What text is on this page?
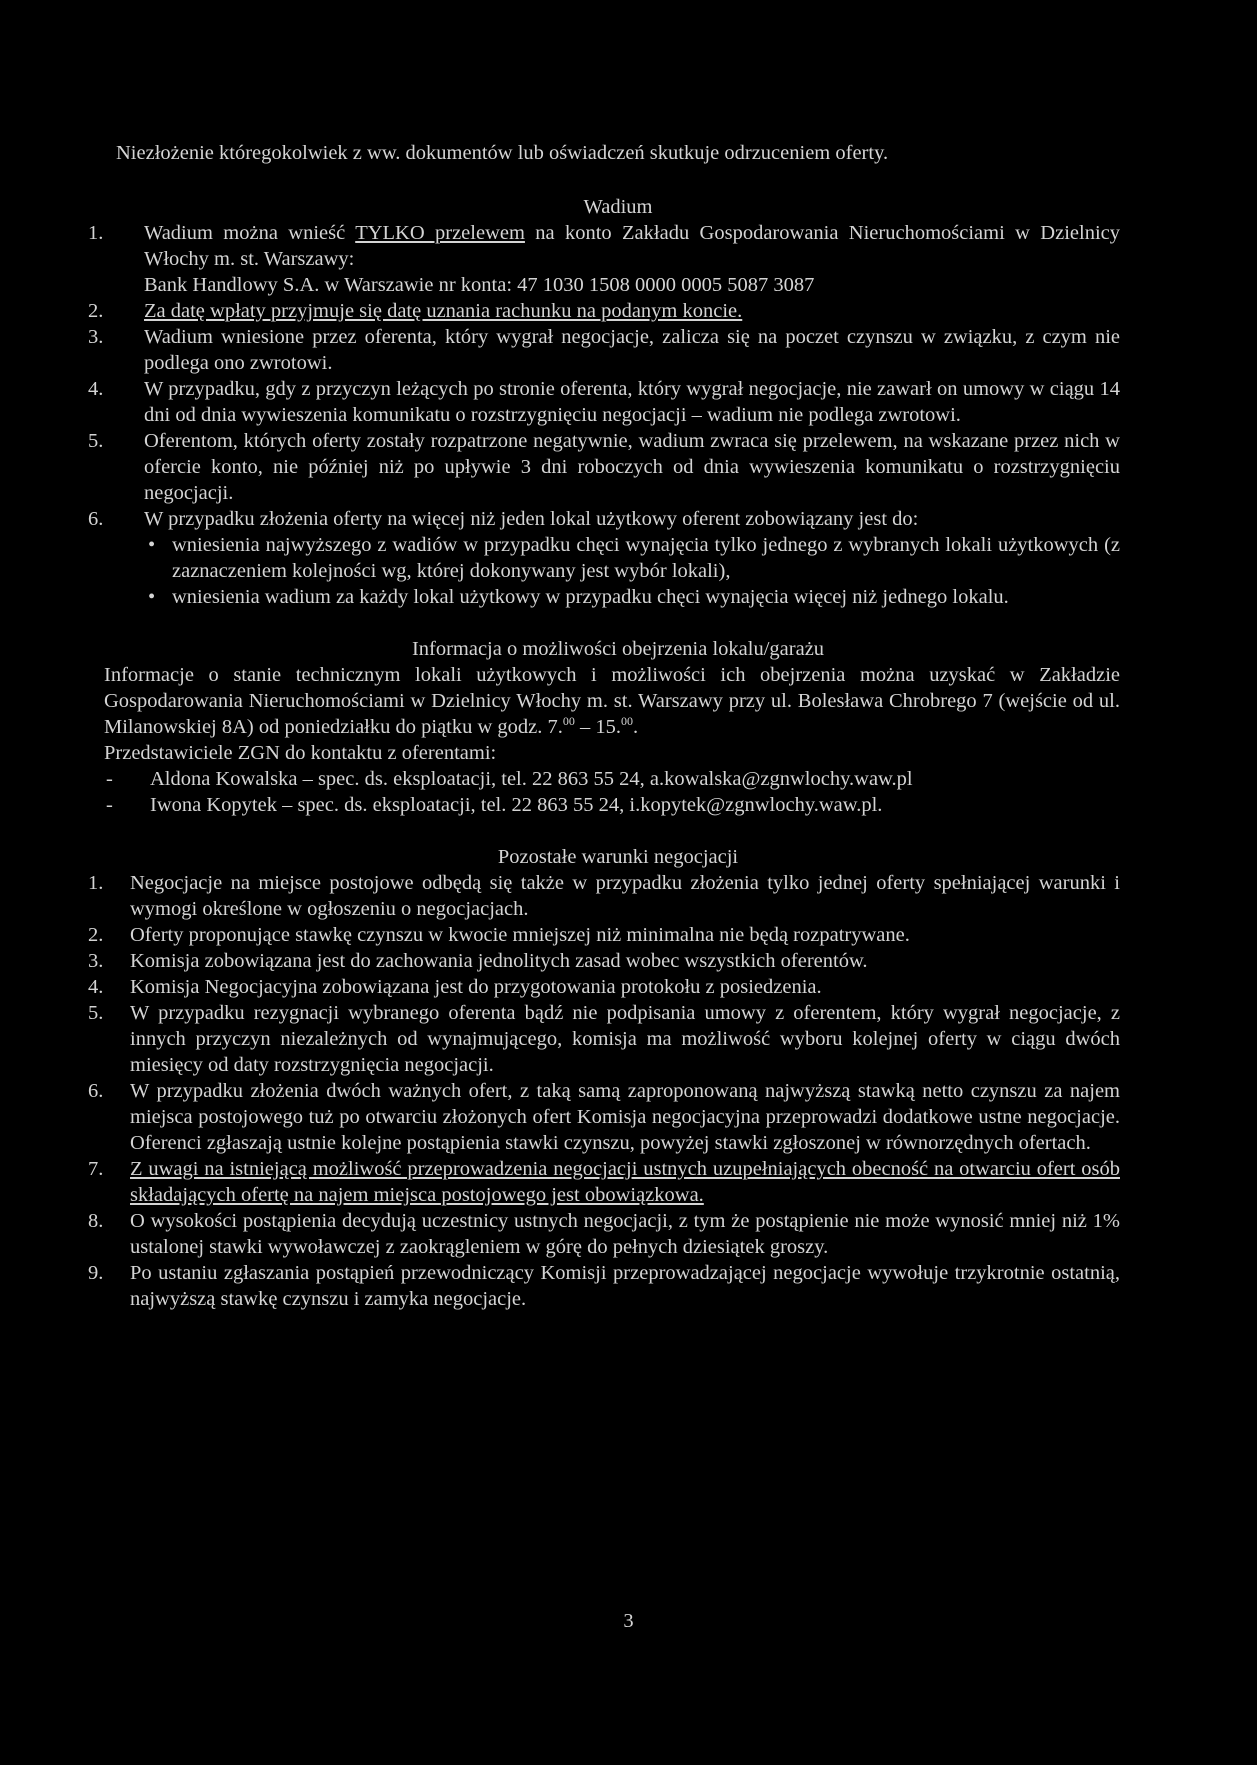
Niezłożenie któregokolwiek z ww. dokumentów lub oświadczeń skutkuje odrzuceniem oferty.

Wadium

1. Wadium można wnieść TYLKO przelewem na konto Zakładu Gospodarowania Nieruchomościami w Dzielnicy Włochy m. st. Warszawy:
Bank Handlowy S.A. w Warszawie nr konta: 47 1030 1508 0000 0005 5087 3087
2. Za datę wpłaty przyjmuje się datę uznania rachunku na podanym koncie.
3. Wadium wniesione przez oferenta, który wygrał negocjacje, zalicza się na poczet czynszu w związku, z czym nie podlega ono zwrotowi.
4. W przypadku, gdy z przyczyn leżących po stronie oferenta, który wygrał negocjacje, nie zawarł on umowy w ciągu 14 dni od dnia wywieszenia komunikatu o rozstrzygnięciu negocjacji – wadium nie podlega zwrotowi.
5. Oferentom, których oferty zostały rozpatrzone negatywnie, wadium zwraca się przelewem, na wskazane przez nich w ofercie konto, nie później niż po upływie 3 dni roboczych od dnia wywieszenia komunikatu o rozstrzygnięciu negocjacji.
6. W przypadku złożenia oferty na więcej niż jeden lokal użytkowy oferent zobowiązany jest do:
• wniesienia najwyższego z wadiów w przypadku chęci wynajęcia tylko jednego z wybranych lokali użytkowych (z zaznaczeniem kolejności wg, której dokonywany jest wybór lokali),
• wniesienia wadium za każdy lokal użytkowy w przypadku chęci wynajęcia więcej niż jednego lokalu.

Informacja o możliwości obejrzenia lokalu/garażu

Informacje o stanie technicznym lokali użytkowych i możliwości ich obejrzenia można uzyskać w Zakładzie Gospodarowania Nieruchomościami w Dzielnicy Włochy m. st. Warszawy przy ul. Bolesława Chrobrego 7 (wejście od ul. Milanowskiej 8A) od poniedziałku do piątku w godz. 7.00 – 15.00.

Przedstawiciele ZGN do kontaktu z oferentami:

- Aldona Kowalska – spec. ds. eksploatacji, tel. 22 863 55 24, a.kowalska@zgnwlochy.waw.pl
- Iwona Kopytek – spec. ds. eksploatacji, tel. 22 863 55 24, i.kopytek@zgnwlochy.waw.pl.

Pozostałe warunki negocjacji

1. Negocjacje na miejsce postojowe odbędą się także w przypadku złożenia tylko jednej oferty spełniającej warunki i wymogi określone w ogłoszeniu o negocjacjach.
2. Oferty proponujące stawkę czynszu w kwocie mniejszej niż minimalna nie będą rozpatrywane.
3. Komisja zobowiązana jest do zachowania jednolitych zasad wobec wszystkich oferentów.
4. Komisja Negocjacyjna zobowiązana jest do przygotowania protokołu z posiedzenia.
5. W przypadku rezygnacji wybranego oferenta bądź nie podpisania umowy z oferentem, który wygrał negocjacje, z innych przyczyn niezależnych od wynajmującego, komisja ma możliwość wyboru kolejnej oferty w ciągu dwóch miesięcy od daty rozstrzygnięcia negocjacji.
6. W przypadku złożenia dwóch ważnych ofert, z taką samą zaproponowaną najwyższą stawką netto czynszu za najem miejsca postojowego tuż po otwarciu złożonych ofert Komisja negocjacyjna przeprowadzi dodatkowe ustne negocjacje. Oferenci zgłaszają ustnie kolejne postąpienia stawki czynszu, powyżej stawki zgłoszonej w równorzędnych ofertach.
7. Z uwagi na istniejącą możliwość przeprowadzenia negocjacji ustnych uzupełniających obecność na otwarciu ofert osób składających ofertę na najem miejsca postojowego jest obowiązkowa.
8. O wysokości postąpienia decydują uczestnicy ustnych negocjacji, z tym że postąpienie nie może wynosić mniej niż 1% ustalonej stawki wywoławczej z zaokrągleniem w górę do pełnych dziesiątek groszy.
9. Po ustaniu zgłaszania postąpień przewodniczący Komisji przeprowadzającej negocjacje wywołuje trzykrotnie ostatnią, najwyższą stawkę czynszu i zamyka negocjacje.
3
